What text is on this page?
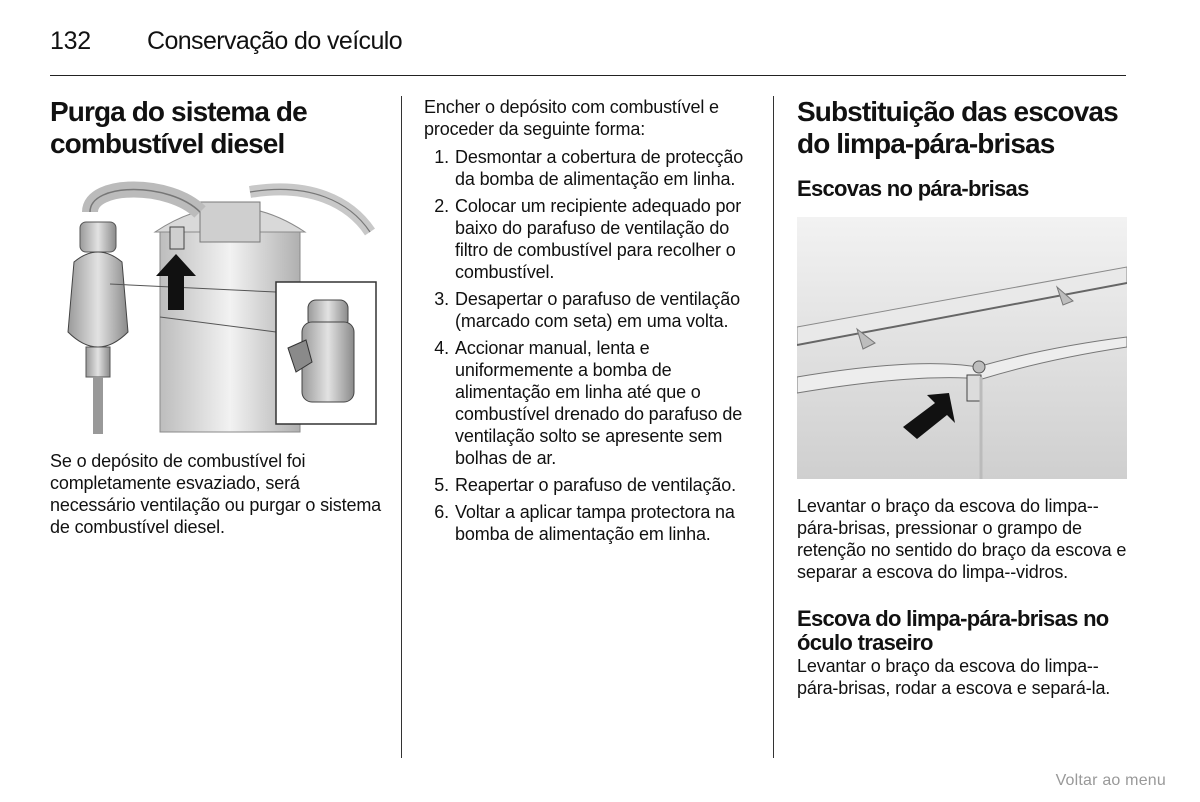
132 Conservação do veículo
Purga do sistema de combustível diesel

Se o depósito de combustível foi completamente esvaziado, será necessário ventilação ou purgar o sistema de combustível diesel.

Encher o depósito com combustível e proceder da seguinte forma:

1. Desmontar a cobertura de protecção da bomba de alimentação em linha.
2. Colocar um recipiente adequado por baixo do parafuso de ventilação do filtro de combustível para recolher o combustível.
3. Desapertar o parafuso de ventilação (marcado com seta) em uma volta.
4. Accionar manual, lenta e uniformemente a bomba de alimentação em linha até que o combustível drenado do parafuso de ventilação solto se apresente sem bolhas de ar.
5. Reapertar o parafuso de ventilação.
6. Voltar a aplicar tampa protectora na bomba de alimentação em linha.
Substituição das escovas do limpa-pára-brisas
Escovas no pára-brisas

Levantar o braço da escova do limpa--pára-brisas, pressionar o grampo de retenção no sentido do braço da escova e separar a escova do limpa--vidros.

Escova do limpa-pára-brisas no óculo traseiro

Levantar o braço da escova do limpa--pára-brisas, rodar a escova e separá-la.

Voltar ao menu
